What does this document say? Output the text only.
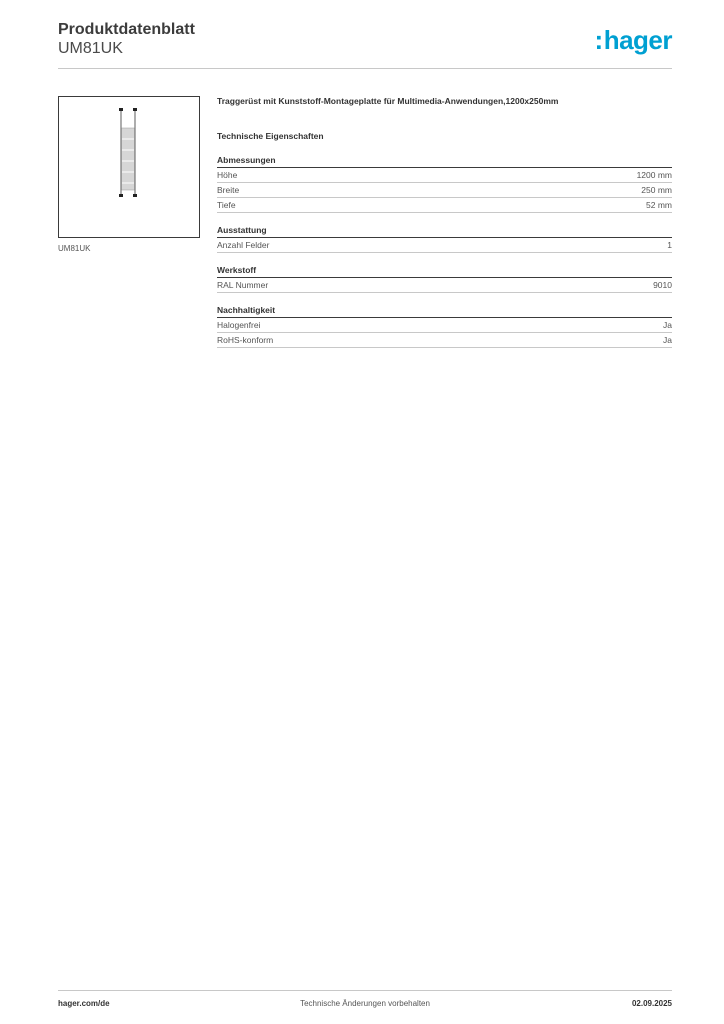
Produktdatenblatt
UM81UK	:hager
UM81UK
Traggerüst mit Kunststoff-Montageplatte für Multimedia-Anwendungen,1200x250mm
Technische Eigenschaften
Abmessungen
Höhe	1200 mm
Breite	250 mm
Tiefe	52 mm
Ausstattung
Anzahl Felder	1
Werkstoff
RAL Nummer	9010
Nachhaltigkeit
Halogenfrei	Ja
RoHS-konform	Ja
hager.com/de	Technische Änderungen vorbehalten	02.09.2025
